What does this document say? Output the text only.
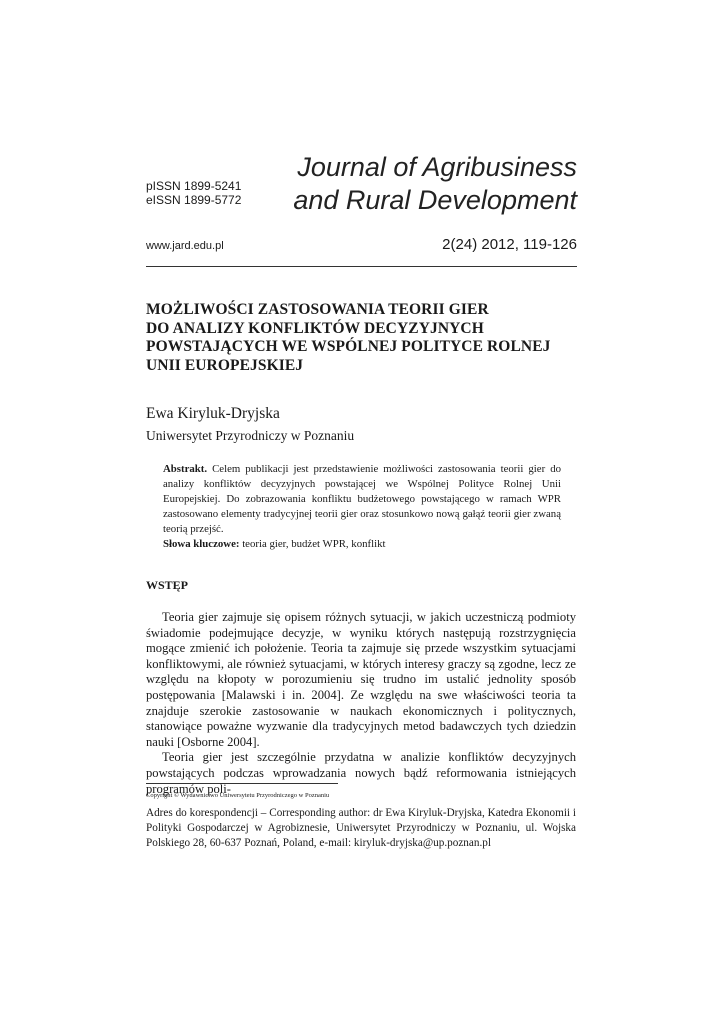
pISSN 1899-5241
eISSN 1899-5772
Journal of Agribusiness
and Rural Development
www.jard.edu.pl	2(24) 2012, 119-126
MOŻLIWOŚCI ZASTOSOWANIA TEORII GIER
DO ANALIZY KONFLIKTÓW DECYZYJNYCH
POWSTAJĄCYCH WE WSPÓLNEJ POLITYCE ROLNEJ
UNII EUROPEJSKIEJ
Ewa Kiryluk-Dryjska
Uniwersytet Przyrodniczy w Poznaniu

Abstrakt. Celem publikacji jest przedstawienie możliwości zastosowania teorii gier do analizy konfliktów decyzyjnych powstającej we Wspólnej Polityce Rolnej Unii Europejskiej. Do zobrazowania konfliktu budżetowego powstającego w ramach WPR zastosowano elementy tradycyjnej teorii gier oraz stosunkowo nową gałąź teorii gier zwaną teorią przejść.

Słowa kluczowe: teoria gier, budżet WPR, konflikt
WSTĘP

Teoria gier zajmuje się opisem różnych sytuacji, w jakich uczestniczą podmioty świadomie podejmujące decyzje, w wyniku których następują rozstrzygnięcia mogące zmienić ich położenie. Teoria ta zajmuje się przede wszystkim sytuacjami konfliktowymi, ale również sytuacjami, w których interesy graczy są zgodne, lecz ze względu na kłopoty w porozumieniu się trudno im ustalić jednolity sposób postępowania [Malawski i in. 2004]. Ze względu na swe właściwości teoria ta znajduje szerokie zastosowanie w naukach ekonomicznych i politycznych, stanowiące poważne wyzwanie dla tradycyjnych metod badawczych tych dziedzin nauki [Osborne 2004].

Teoria gier jest szczególnie przydatna w analizie konfliktów decyzyjnych powstających podczas wprowadzania nowych bądź reformowania istniejących programów poli-

Copyright © Wydawnictwo Uniwersytetu Przyrodniczego w Poznaniu

Adres do korespondencji – Corresponding author: dr Ewa Kiryluk-Dryjska, Katedra Ekonomii i Polityki Gospodarczej w Agrobiznesie, Uniwersytet Przyrodniczy w Poznaniu, ul. Wojska Polskiego 28, 60-637 Poznań, Poland, e-mail: kiryluk-dryjska@up.poznan.pl
